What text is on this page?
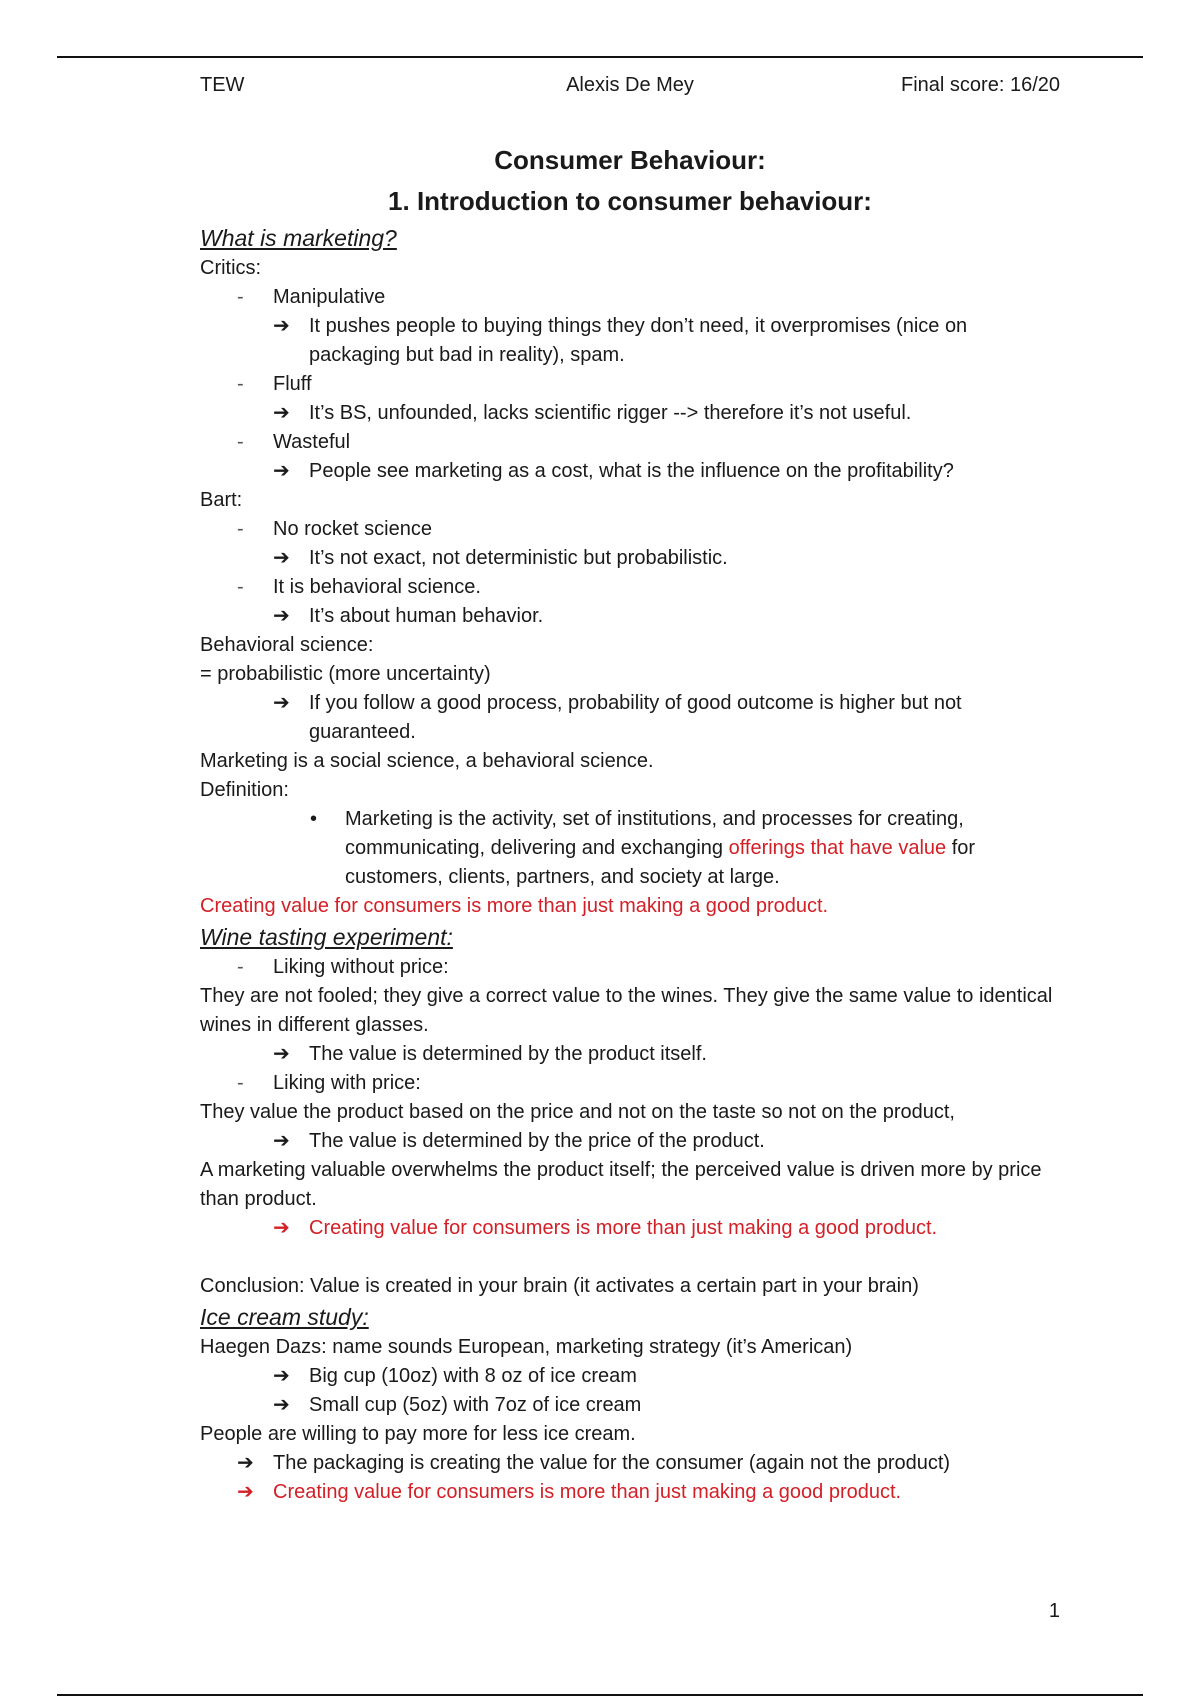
TEW	Alexis De Mey	Final score: 16/20
Consumer Behaviour:
1. Introduction to consumer behaviour:
What is marketing?
Critics:
- Manipulative
➔ It pushes people to buying things they don’t need, it overpromises (nice on packaging but bad in reality), spam.
- Fluff
➔ It’s BS, unfounded, lacks scientific rigger --> therefore it’s not useful.
- Wasteful
➔ People see marketing as a cost, what is the influence on the profitability?
Bart:
- No rocket science
➔ It’s not exact, not deterministic but probabilistic.
- It is behavioral science.
➔ It’s about human behavior.
Behavioral science:
= probabilistic (more uncertainty)
➔ If you follow a good process, probability of good outcome is higher but not guaranteed.
Marketing is a social science, a behavioral science.
Definition:
• Marketing is the activity, set of institutions, and processes for creating, communicating, delivering and exchanging offerings that have value for customers, clients, partners, and society at large.
Creating value for consumers is more than just making a good product.
Wine tasting experiment:
- Liking without price:
They are not fooled; they give a correct value to the wines. They give the same value to identical wines in different glasses.
➔ The value is determined by the product itself.
- Liking with price:
They value the product based on the price and not on the taste so not on the product,
➔ The value is determined by the price of the product.
A marketing valuable overwhelms the product itself; the perceived value is driven more by price than product.
➔ Creating value for consumers is more than just making a good product.
Conclusion: Value is created in your brain (it activates a certain part in your brain)
Ice cream study:
Haegen Dazs: name sounds European, marketing strategy (it’s American)
➔ Big cup (10oz) with 8 oz of ice cream
➔ Small cup (5oz) with 7oz of ice cream
People are willing to pay more for less ice cream.
➔ The packaging is creating the value for the consumer (again not the product)
➔ Creating value for consumers is more than just making a good product.
1
